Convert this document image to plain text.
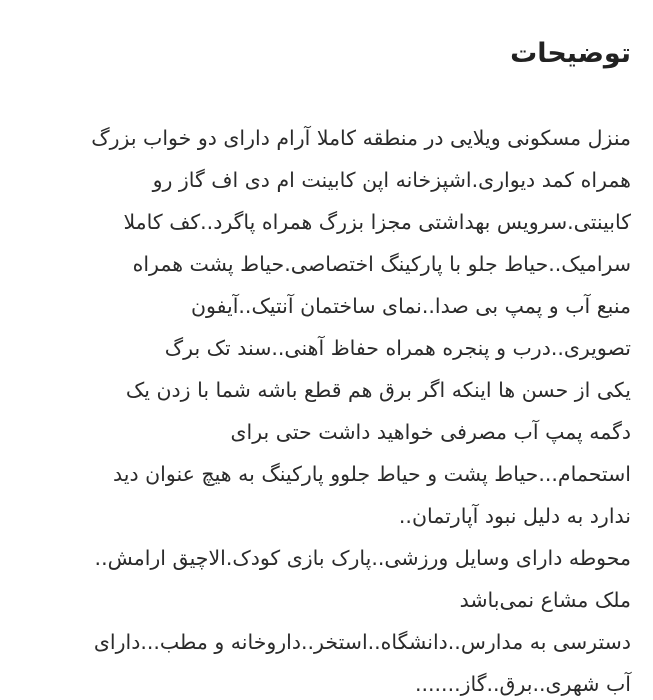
توضیحات

منزل مسکونی ویلایی در منطقه کاملا آرام دارای دو خواب بزرگ

همراه کمد دیواری.اشپزخانه اپن کابینت ام دی اف گاز رو

کابینتی.سرویس بهداشتی مجزا بزرگ همراه پاگرد..کف کاملا

سرامیک..حیاط جلو با پارکینگ اختصاصی.حیاط پشت همراه

منبع آب و پمپ بی صدا..نمای ساختمان آنتیک..آیفون

تصویری..درب و پنجره همراه حفاظ آهنی..سند تک برگ

یکی از حسن ها اینکه اگر برق هم قطع باشه شما با زدن یک

دگمه پمپ آب مصرفی خواهید داشت حتی برای

استحمام...حیاط پشت و حیاط جلوو پارکینگ به هیچ عنوان دید

ندارد به دلیل نبود آپارتمان..

محوطه دارای وسایل ورزشی..پارک بازی کودک.الاچیق ارامش..

ملک مشاع نمی‌باشد

دسترسی به مدارس..دانشگاه..استخر..داروخانه و مطب...دارای

آب شهری..برق..گاز.......
